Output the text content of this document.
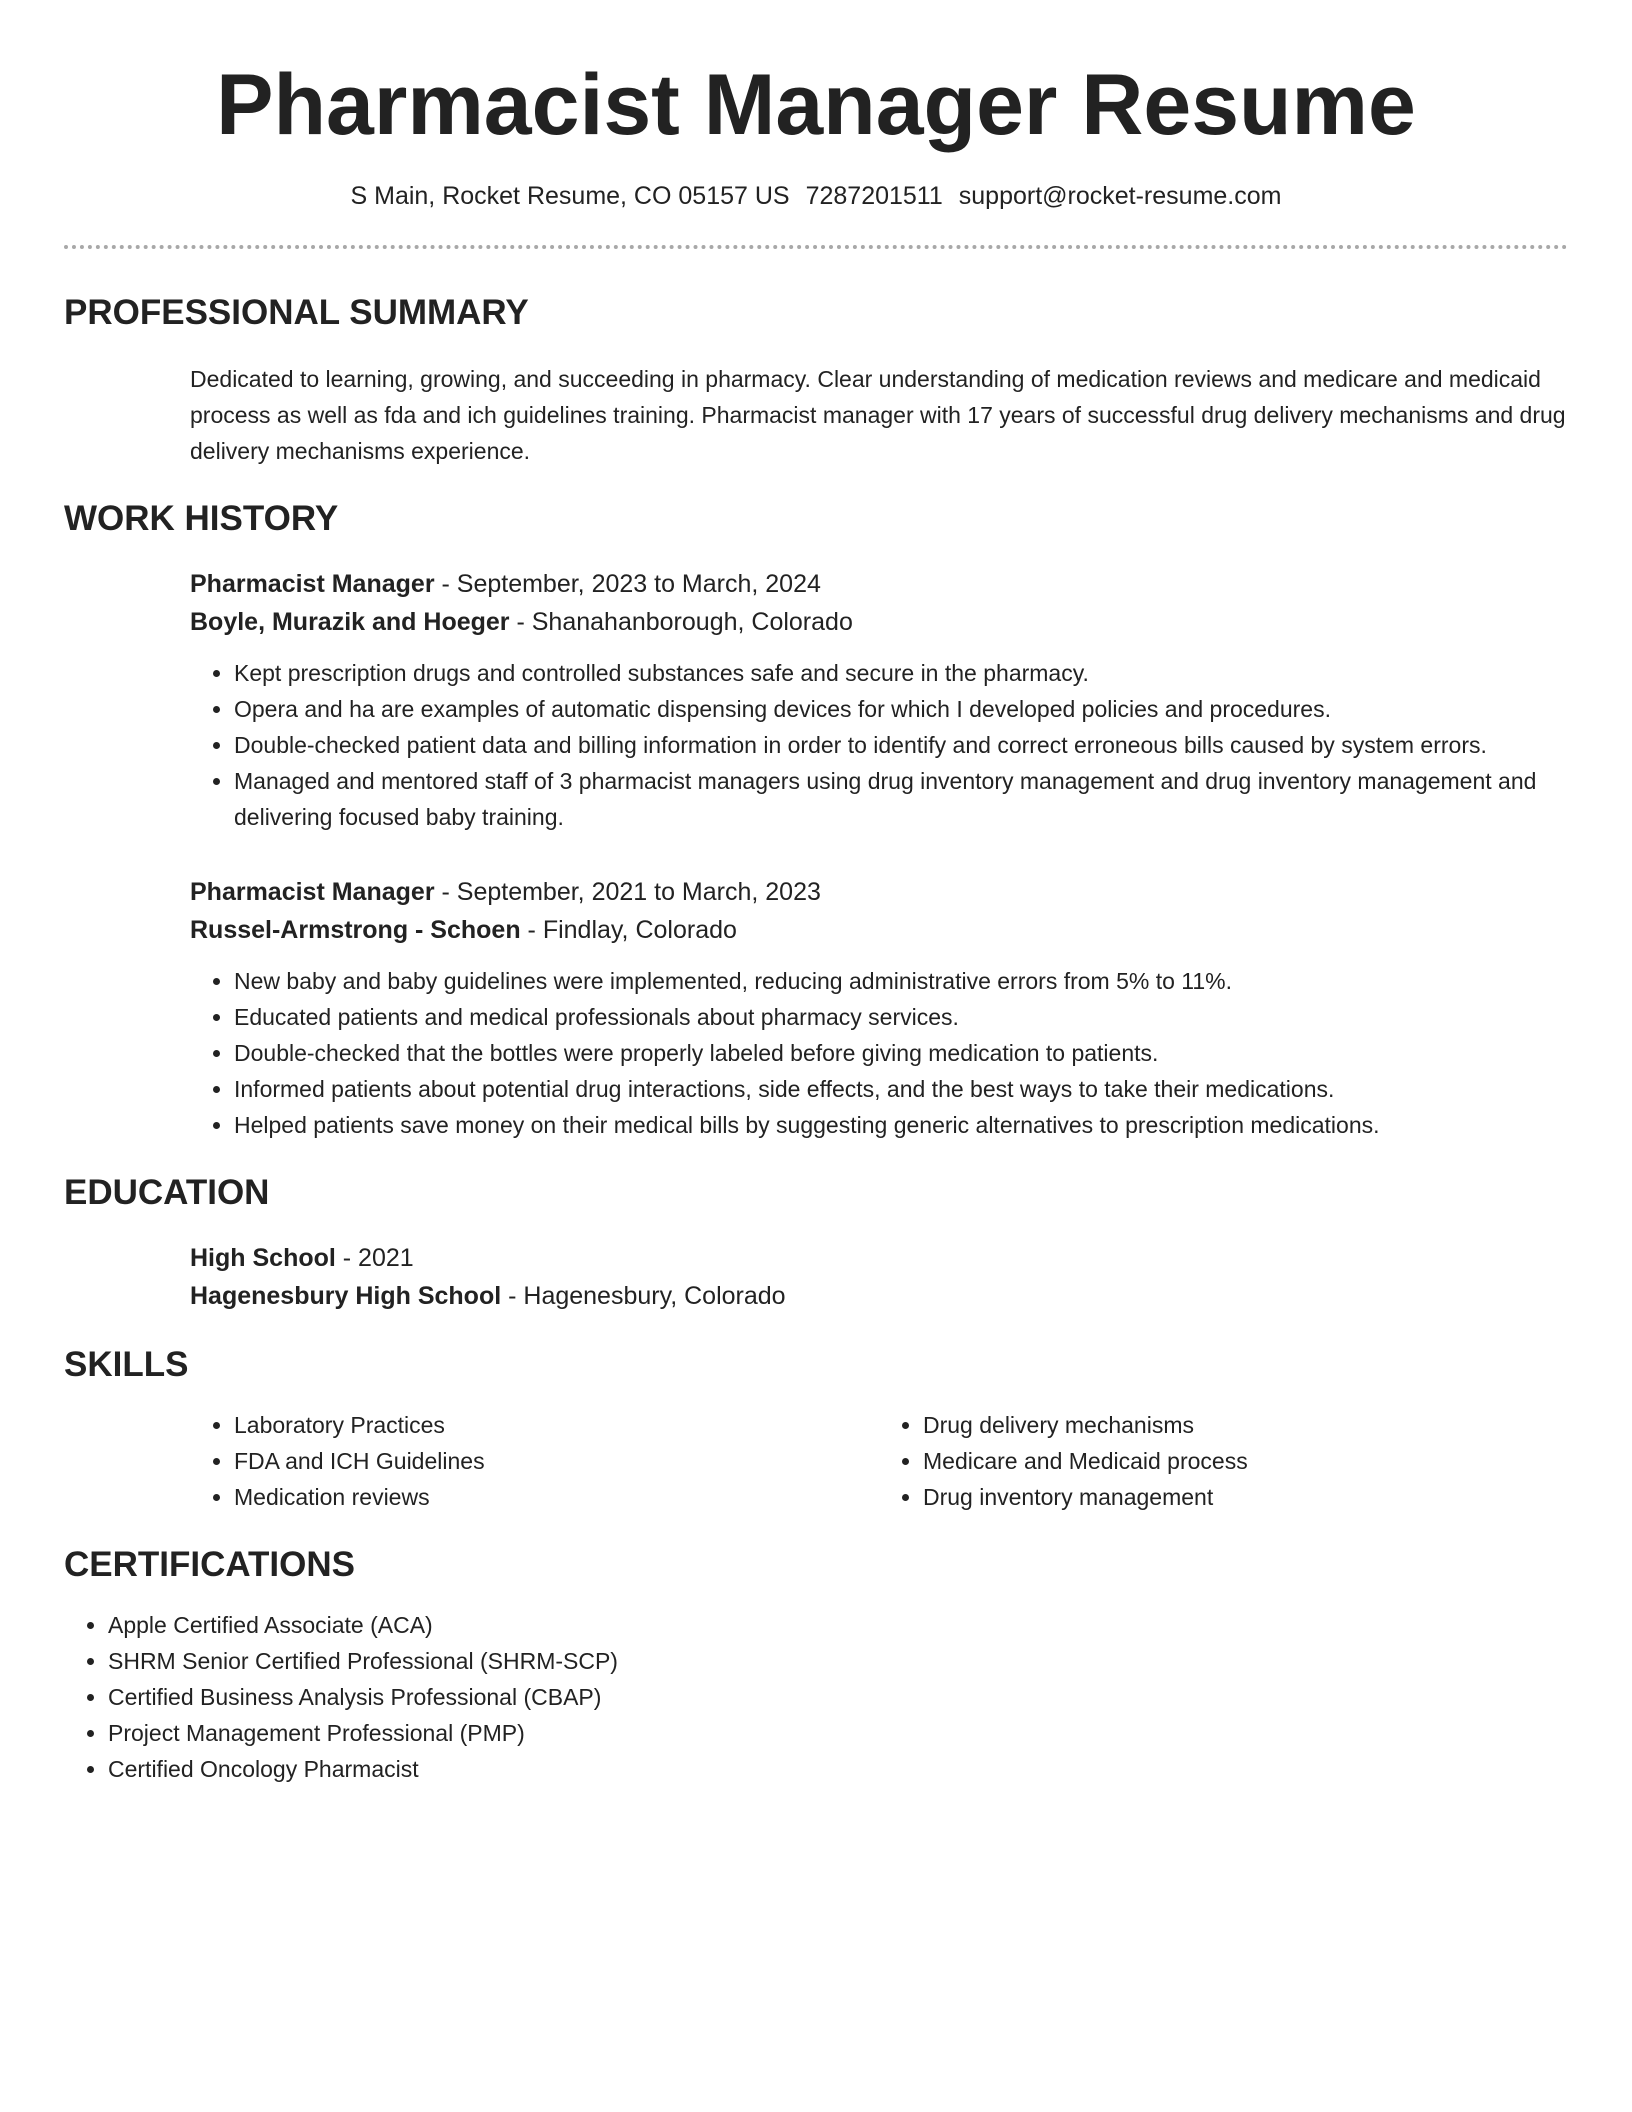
Pharmacist Manager Resume
S Main, Rocket Resume, CO 05157 US 7287201511 support@rocket-resume.com
PROFESSIONAL SUMMARY
Dedicated to learning, growing, and succeeding in pharmacy. Clear understanding of medication reviews and medicare and medicaid process as well as fda and ich guidelines training. Pharmacist manager with 17 years of successful drug delivery mechanisms and drug delivery mechanisms experience.
WORK HISTORY
Pharmacist Manager - September, 2023 to March, 2024
Boyle, Murazik and Hoeger - Shanahanborough, Colorado
• Kept prescription drugs and controlled substances safe and secure in the pharmacy.
• Opera and ha are examples of automatic dispensing devices for which I developed policies and procedures.
• Double-checked patient data and billing information in order to identify and correct erroneous bills caused by system errors.
• Managed and mentored staff of 3 pharmacist managers using drug inventory management and drug inventory management and delivering focused baby training.
Pharmacist Manager - September, 2021 to March, 2023
Russel-Armstrong - Schoen - Findlay, Colorado
• New baby and baby guidelines were implemented, reducing administrative errors from 5% to 11%.
• Educated patients and medical professionals about pharmacy services.
• Double-checked that the bottles were properly labeled before giving medication to patients.
• Informed patients about potential drug interactions, side effects, and the best ways to take their medications.
• Helped patients save money on their medical bills by suggesting generic alternatives to prescription medications.
EDUCATION
High School - 2021
Hagenesbury High School - Hagenesbury, Colorado
SKILLS
• Laboratory Practices
• FDA and ICH Guidelines
• Medication reviews
• Drug delivery mechanisms
• Medicare and Medicaid process
• Drug inventory management
CERTIFICATIONS
• Apple Certified Associate (ACA)
• SHRM Senior Certified Professional (SHRM-SCP)
• Certified Business Analysis Professional (CBAP)
• Project Management Professional (PMP)
• Certified Oncology Pharmacist
